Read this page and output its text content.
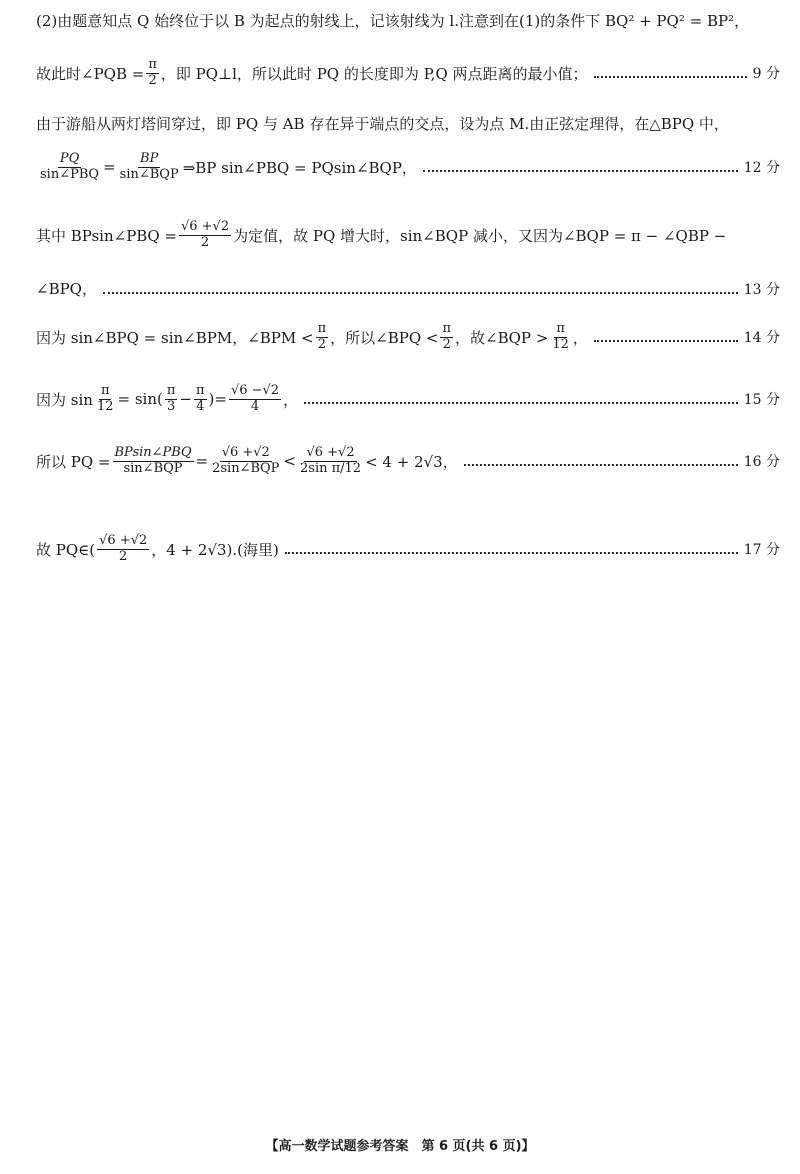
(2)由题意知点 Q 始终位于以 B 为起点的射线上，记该射线为 l.注意到在(1)的条件下 BQ² + PQ² = BP²，
故此时∠PQB = $\frac{\pi}{2}$ ，即 PQ⊥l，所以此时 PQ 的长度即为 P,Q 两点距离的最小值；	9 分
由于游船从两灯塔间穿过，即 PQ 与 AB 存在异于端点的交点，设为点 M.由正弦定理得，在△BPQ 中，
$\frac{PQ}{\text{sin∠PBQ}} = \frac{BP}{\text{sin∠BQP}}$ ⇒BP sin∠PBQ = PQsin∠BQP，	12 分
其中 BPsin∠PBQ = $\frac{√6 +√2}{2}$ 为定值，故 PQ 增大时，sin∠BQP 减小，又因为∠BQP = π − ∠QBP −
∠BPQ，	13 分
因为 sin∠BPQ = sin∠BPM，∠BPM < $\frac{\pi}{2}$ ，所以∠BPQ < $\frac{\pi}{2}$ ，故∠BQP > $\frac{\pi}{12}$ ，	14 分
因为 $\sin \frac{\pi}{12} = \sin( \frac{\pi}{3} - \frac{\pi}{4}$ )= $\frac{√6 -√2}{4}$ ，	15 分
所以 PQ = $\frac{\text{BPsin∠PBQ}}{\text{sin∠BQP}} = \frac{√6 +√2}{\text{2sin∠BQP}} < \frac{√6 +√2}{\text{2sin π/12}} < 4 + 2√3$，	16 分
故 PQ∈( $\frac{√6 +√2}{2}$ ，4 + 2√3).(海里)	17 分
【高一数学试题参考答案　第 6 页(共 6 页)】
